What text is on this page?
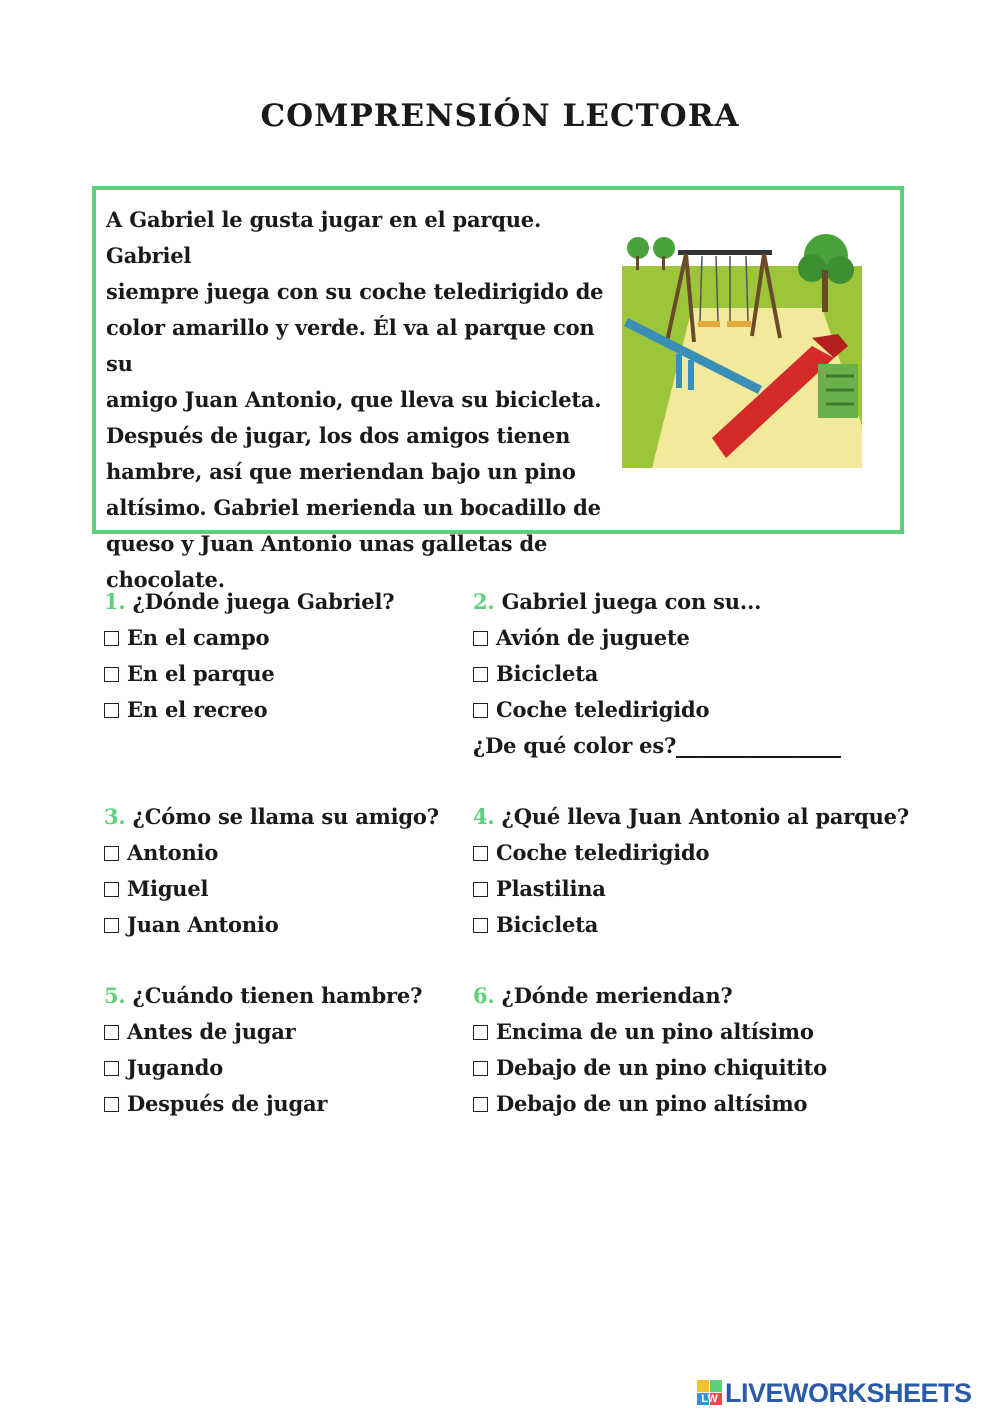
COMPRENSIÓN LECTORA

A Gabriel le gusta jugar en el parque. Gabriel
siempre juega con su coche teledirigido de
color amarillo y verde. Él va al parque con su
amigo Juan Antonio, que lleva su bicicleta.
Después de jugar, los dos amigos tienen
hambre, así que meriendan bajo un pino
altísimo. Gabriel merienda un bocadillo de
queso y Juan Antonio unas galletas de
chocolate.

1. ¿Dónde juega Gabriel?
En el campo
En el parque
En el recreo
2. Gabriel juega con su...
Avión de juguete
Bicicleta
Coche teledirigido
¿De qué color es?________________
3. ¿Cómo se llama su amigo?
Antonio
Miguel
Juan Antonio
4. ¿Qué lleva Juan Antonio al parque?
Coche teledirigido
Plastilina
Bicicleta
5. ¿Cuándo tienen hambre?
Antes de jugar
Jugando
Después de jugar
6. ¿Dónde meriendan?
Encima de un pino altísimo
Debajo de un pino chiquitito
Debajo de un pino altísimo
LW LIVEWORKSHEETS
